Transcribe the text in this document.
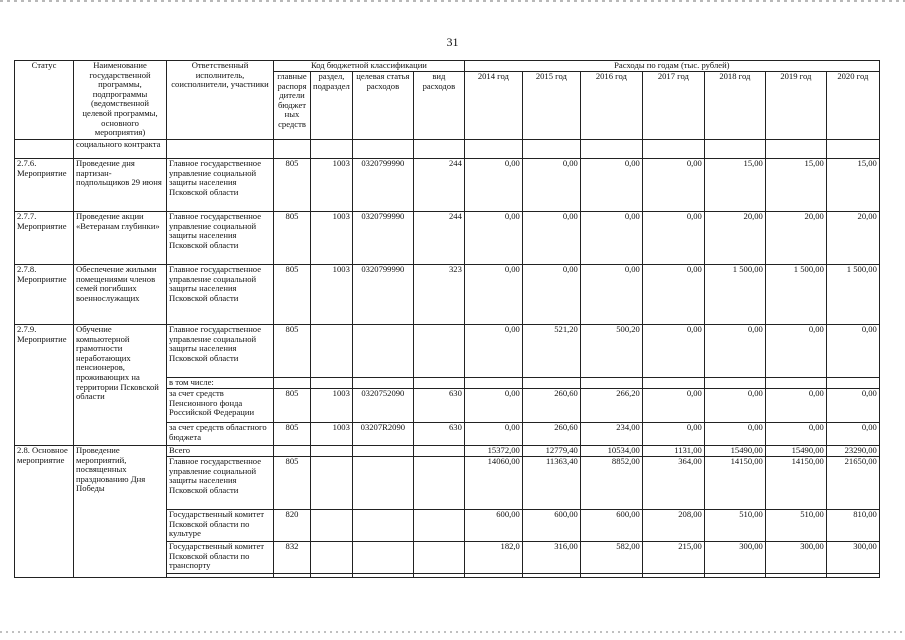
31
Статус	Наименование государственной программы, подпрограммы (ведомственной целевой программы, основного мероприятия)	Ответственный исполнитель, соисполнители, участники	Код бюджетной классификации				Расходы по годам (тыс. рублей)						
			главные распоря дители бюджет ных средств	раздел, подраздел	целевая статья расходов	вид расходов	2014 год	2015 год	2016 год	2017 год	2018 год	2019 год	2020 год
	социального контракта												
2.7.6. Мероприятие	Проведение дня партизан-подпольщиков 29 июня	Главное государственное управление социальной защиты населения Псковской области	805	1003	0320799990	244	0,00	0,00	0,00	0,00	15,00	15,00	15,00
2.7.7. Мероприятие	Проведение акции «Ветеранам глубинки»	Главное государственное управление социальной защиты населения Псковской области	805	1003	0320799990	244	0,00	0,00	0,00	0,00	20,00	20,00	20,00
2.7.8. Мероприятие	Обеспечение жилыми помещениями членов семей погибших военнослужащих	Главное государственное управление социальной защиты населения Псковской области	805	1003	0320799990	323	0,00	0,00	0,00	0,00	1 500,00	1 500,00	1 500,00
2.7.9. Мероприятие	Обучение компьютерной грамотности неработающих пенсионеров, проживающих на территории Псковской области	Главное государственное управление социальной защиты населения Псковской области	805				0,00	521,20	500,20	0,00	0,00	0,00	0,00
		в том числе:											
		за счет средств Пенсионного фонда Российской Федерации	805	1003	0320752090	630	0,00	260,60	266,20	0,00	0,00	0,00	0,00
		за счет средств областного бюджета	805	1003	03207R2090	630	0,00	260,60	234,00	0,00	0,00	0,00	0,00
2.8. Основное мероприятие	Проведение мероприятий, посвященных празднованию Дня Победы	Всего					15372,00	12779,40	10534,00	1131,00	15490,00	15490,00	23290,00
		Главное государственное управление социальной защиты населения Псковской области	805				14060,00	11363,40	8852,00	364,00	14150,00	14150,00	21650,00
		Государственный комитет Псковской области по культуре	820				600,00	600,00	600,00	208,00	510,00	510,00	810,00
		Государственный комитет Псковской области по транспорту	832				182,0	316,00	582,00	215,00	300,00	300,00	300,00
